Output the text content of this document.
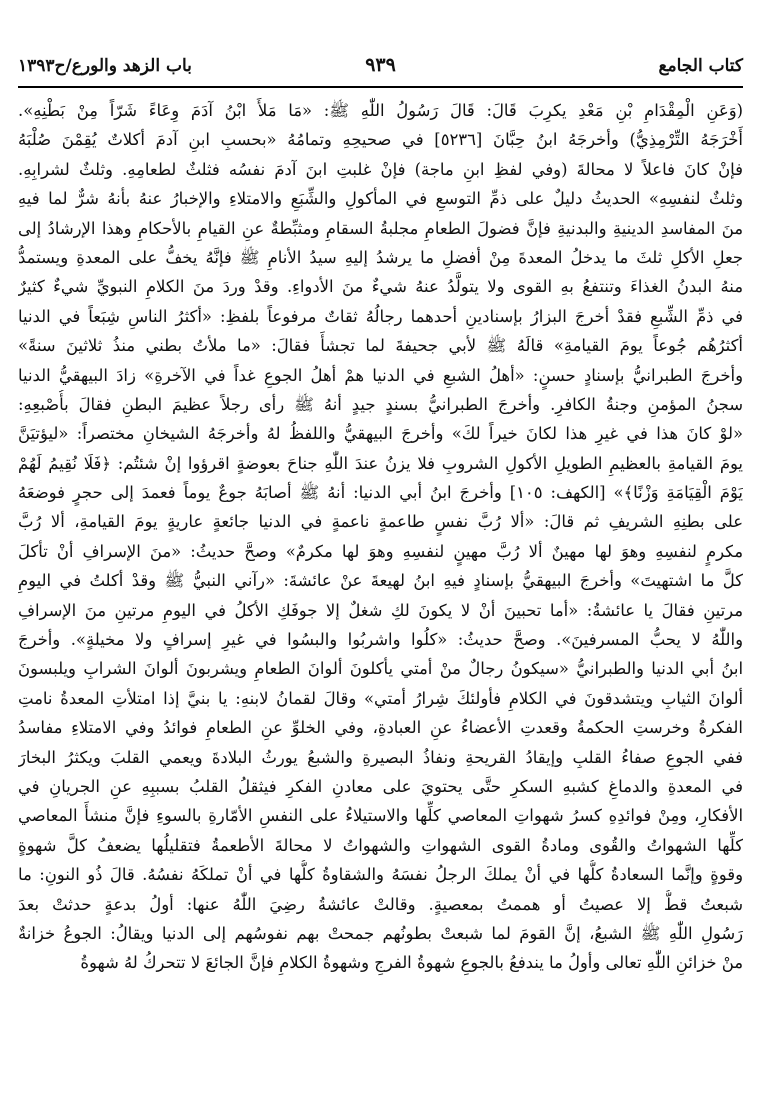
كتاب الجامع
٩٣٩
باب الزهد والورع/ح١٣٩٣
(وَعَنِ الْمِقْدَامِ بْنِ مَعْدِ يكرِبَ قَالَ: قَالَ رَسُولُ اللّٰهِ ﷺ: «مَا مَلأَ ابْنُ آدَمَ وِعَاءً شَرّاً مِنْ بَطْنِهِ».
أَخْرَجَهُ التِّرْمِذِيُّ) وأخرجَهُ ابنُ حِبَّانَ [٥٢٣٦] في صحيحِهِ وتمامُهُ «بحسبِ ابنِ آدمَ أكلاتٌ يُقِمْنَ صُلْبَهُ
فإنْ كانَ فاعلاً لا محالةَ (وفي لفظِ ابنِ ماجة) فإنْ غلبتِ ابنَ آدمَ نفسُه فثلثٌ لطعامِهِ. وثلثٌ لشرابِهِ.
وثلثٌ لنفسِهِ» الحديثُ دليلٌ على ذمِّ التوسعِ في المأكولِ والشِّبَعِ والامتلاءِ والإخبارُ عنهُ بأنهُ شرٌّ لما فيهِ
منَ المفاسدِ الدينيةِ والبدنيةِ فإنَّ فضولَ الطعامِ مجلبةُ السقامِ ومثبِّطةٌ عنِ القيامِ بالأحكامِ وهذا الإرشادُ إلى
جعلِ الأكلِ ثلثَ ما يدخلُ المعدةَ مِنْ أفضلِ ما يرشدُ إليهِ سيدُ الأنامِ ﷺ فإنَّهُ يخفُّ على المعدةِ ويستمدُّ
منهُ البدنُ الغذاءَ وتنتفعُ بهِ القوى ولا يتولَّدُ عنهُ شيءٌ منَ الأدواءِ. وقدْ وردَ منَ الكلامِ النبويِّ شيءٌ كثيرٌ
في ذمِّ الشِّبعِ فقدْ أخرجَ البزارُ بإسنادينِ أحدهما رجالُهُ ثقاتٌ مرفوعاً بلفظِ: «أكثرُ الناسِ شِبَعاً في الدنيا
أكثرُهُم جُوعاً يومَ القيامةِ» قالَهُ ﷺ لأبي جحيفةَ لما تجشأَ فقالَ: «ما ملأتُ بطني منذُ ثلاثينَ سنةً»
وأخرجَ الطبرانيُّ بإسنادٍ حسنٍ: «أهلُ الشبعِ في الدنيا همْ أهلُ الجوعِ غداً في الآخرةِ» زادَ البيهقيُّ الدنيا
سجنُ المؤمنِ وجنةُ الكافرِ. وأخرجَ الطبرانيُّ بسندٍ جيدٍ أنهُ ﷺ رأى رجلاً عظيمَ البطنِ فقالَ بأُصْبعِهِ:
«لوْ كانَ هذا في غيرِ هذا لكانَ خيراً لكَ» وأخرجَ البيهقيُّ واللفظُ لهُ وأخرجَهُ الشيخانِ مختصراً: «ليؤتيَنَّ
يومَ القيامةِ بالعظيمِ الطويلِ الأكولِ الشروبِ فلا يزنُ عندَ اللّٰهِ جناحَ بعوضةٍ اقرؤوا إنْ شئتُم: ﴿فَلَا نُقِيمُ لَهُمْ
يَوْمَ الْقِيَامَةِ وَزْنًا﴾» [الكهف: ١٠٥] وأخرجَ ابنُ أبي الدنيا: أنهُ ﷺ أصابَهُ جوعٌ يوماً فعمدَ إلى حجرٍ فوضعَهُ
على بطنِهِ الشريفِ ثم قالَ: «ألا رُبَّ نفسٍ طاعمةٍ ناعمةٍ في الدنيا جائعةٍ عاريةٍ يومَ القيامةِ، ألا رُبَّ
مكرمٍ لنفسِهِ وهوَ لها مهينٌ ألا رُبَّ مهينٍ لنفسِهِ وهوَ لها مكرمٌ» وصحَّ حديثُ: «منَ الإسرافِ أنْ تأكلَ
كلَّ ما اشتهيتَ» وأخرجَ البيهقيُّ بإسنادٍ فيهِ ابنُ لهيعةَ عنْ عائشةَ: «رآني النبيُّ ﷺ وقدْ أكلتُ في اليومِ
مرتينِ فقالَ يا عائشةُ: «أما تحبينَ أنْ لا يكونَ لكِ شغلٌ إلا جوفَكِ الأكلُ في اليومِ مرتينِ منَ الإسرافِ
واللّٰهُ لا يحبُّ المسرفينَ». وصحَّ حديثُ: «كلُوا واشربُوا والبسُوا في غيرِ إسرافٍ ولا مخيلةٍ». وأخرجَ
ابنُ أبي الدنيا والطبرانيُّ «سيكونُ رجالٌ منْ أمتي يأكلونَ ألوانَ الطعامِ ويشربونَ ألوانَ الشرابِ ويلبسونَ
ألوانَ الثيابِ ويتشدقونَ في الكلامِ فأولئكَ شِرارُ أمتي» وقالَ لقمانُ لابنهِ: يا بنيَّ إذا امتلأتِ المعدةُ نامتِ
الفكرةُ وخرستِ الحكمةُ وقعدتِ الأعضاءُ عنِ العبادةِ، وفي الخلوِّ عنِ الطعامِ فوائدُ وفي الامتلاءِ مفاسدُ
ففي الجوعِ صفاءُ القلبِ وإيقادُ القريحةِ ونفاذُ البصيرةِ والشبعُ يورثُ البلادةَ ويعمي القلبَ ويكثرُ البخارَ
في المعدةِ والدماغِ كشبهِ السكرِ حتَّى يحتويَ على معادنِ الفكرِ فيثقلُ القلبُ بسببِهِ عنِ الجريانِ في
الأفكارِ، ومِنْ فوائدِهِ كسرُ شهواتِ المعاصي كلِّها والاستيلاءُ على النفسِ الأمّارةِ بالسوءِ فإنَّ منشأَ المعاصي
كلِّها الشهواتُ والقُوى ومادةُ القوى الشهواتِ والشهواتُ لا محالةَ الأطعمةُ فتقليلُها يضعفُ كلَّ شهوةٍ
وقوةٍ وإنَّما السعادةُ كلُّها في أنْ يملكَ الرجلُ نفسَهُ والشقاوةُ كلُّها في أنْ تملكَهُ نفسُهُ. قالَ ذُو النونِ: ما
شبعتُ قطُّ إلا عصيتُ أو هممتُ بمعصيةٍ. وقالتْ عائشةُ رضِيَ اللّٰهُ عنها: أولُ بدعةٍ حدثتْ بعدَ
رَسُولِ اللّٰهِ ﷺ الشبعُ، إنَّ القومَ لما شبعتْ بطونُهم جمحتْ بهم نفوسُهم إلى الدنيا ويقالُ: الجوعُ خزانةٌ
منْ خزائنِ اللّٰهِ تعالى وأولُ ما يندفعُ بالجوعِ شهوةُ الفرجِ وشهوةُ الكلامِ فإنَّ الجائعَ لا تتحركُ لهُ شهوةُ
